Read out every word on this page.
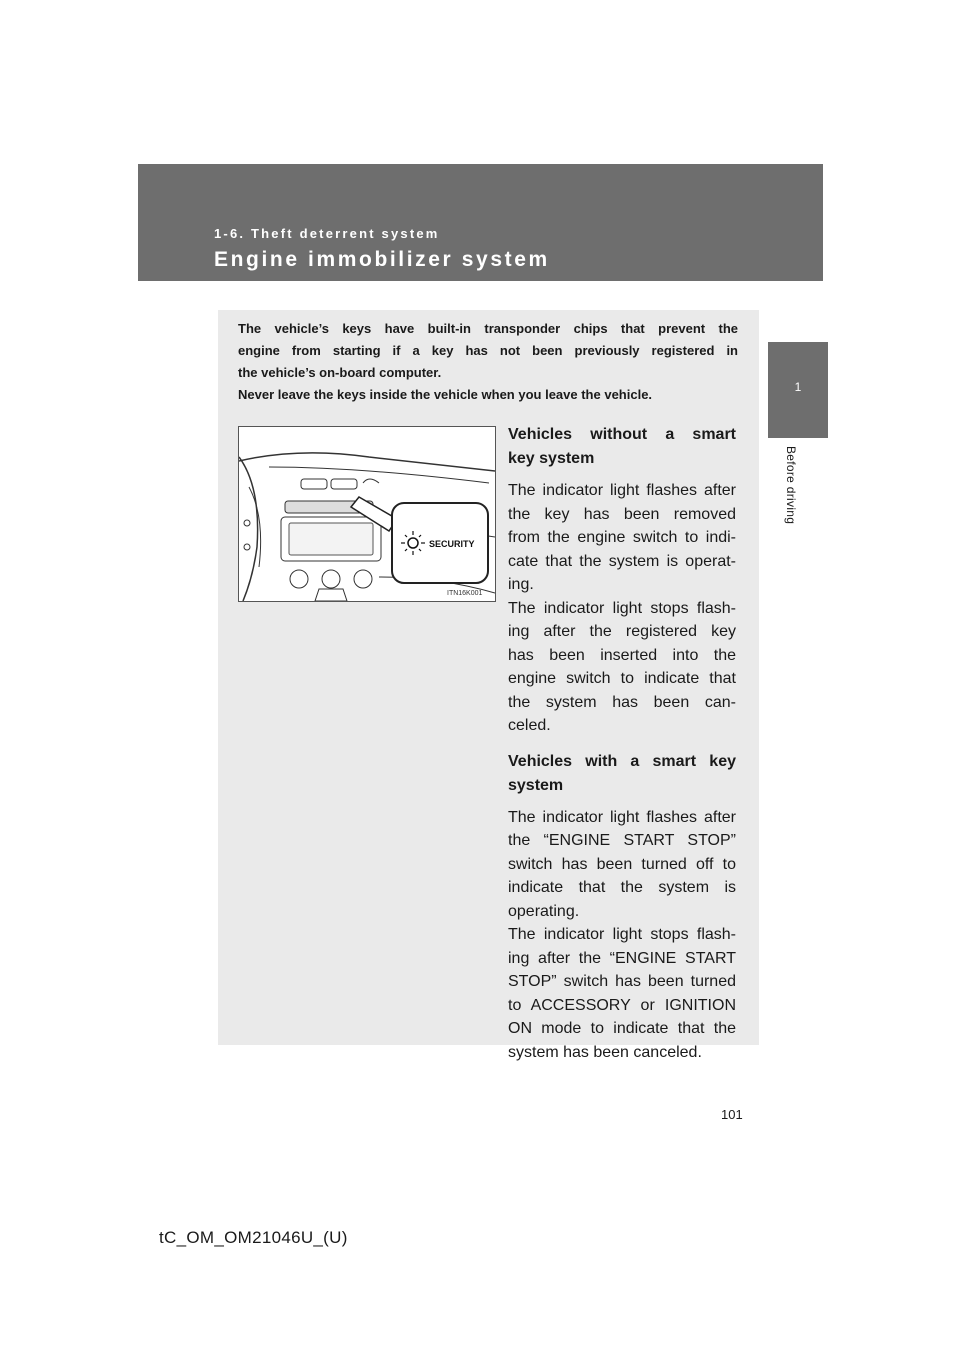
1-6. Theft deterrent system
Engine immobilizer system
1
Before driving

The vehicle’s keys have built-in transponder chips that prevent the

engine from starting if a key has not been previously registered in

the vehicle’s on-board computer.

Never leave the keys inside the vehicle when you leave the vehicle.

SECURITY
ITN16K001
Vehicles without a smart
key system
The indicator light flashes after
the key has been removed
from the engine switch to indi-
cate that the system is operat-
ing.
The indicator light stops flash-
ing after the registered key
has been inserted into the
engine switch to indicate that
the system has been can-
celed.
Vehicles with a smart key
system
The indicator light flashes after
the “ENGINE START STOP”
switch has been turned off to
indicate that the system is
operating.
The indicator light stops flash-
ing after the “ENGINE START
STOP” switch has been turned
to ACCESSORY or IGNITION
ON mode to indicate that the
system has been canceled.
101
tC_OM_OM21046U_(U)
